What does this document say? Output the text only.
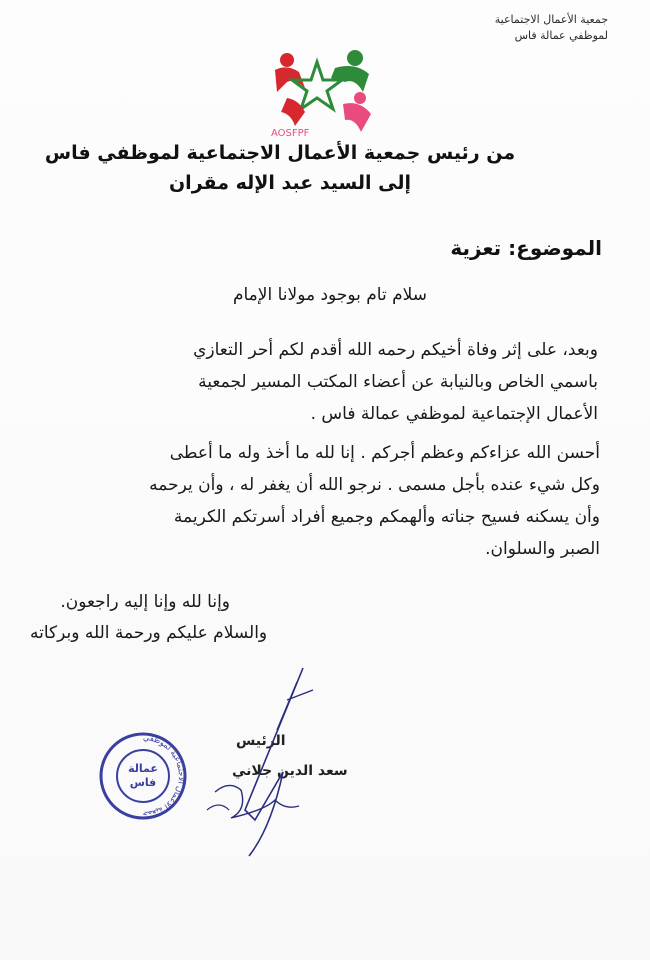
جمعية الأعمال الاجتماعية
لموظفي عمالة فاس
AOSFPF
من رئيس جمعية الأعمال الاجتماعية لموظفي فاس
إلى السيد عبد الإله مقران
الموضوع: تعزية
سلام تام بوجود مولانا الإمام
وبعد، على إثر وفاة أخيكم رحمه الله أقدم لكم أحر التعازي
باسمي الخاص وبالنيابة عن أعضاء المكتب المسير لجمعية
الأعمال الإجتماعية لموظفي عمالة فاس .
أحسن الله عزاءكم وعظم أجركم . إنا لله ما أخذ وله ما أعطى
وكل شيء عنده بأجل مسمى . نرجو الله أن يغفر له ، وأن يرحمه
وأن يسكنه فسيح جناته وألهمكم وجميع أفراد أسرتكم الكريمة
الصبر والسلوان.
وإنا لله وإنا إليه راجعون.
والسلام عليكم ورحمة الله وبركاته
جمعية الأعمال الاجتماعية لموظفي
عمالة
فاس
الرئيس
سعد الدين جلاني
